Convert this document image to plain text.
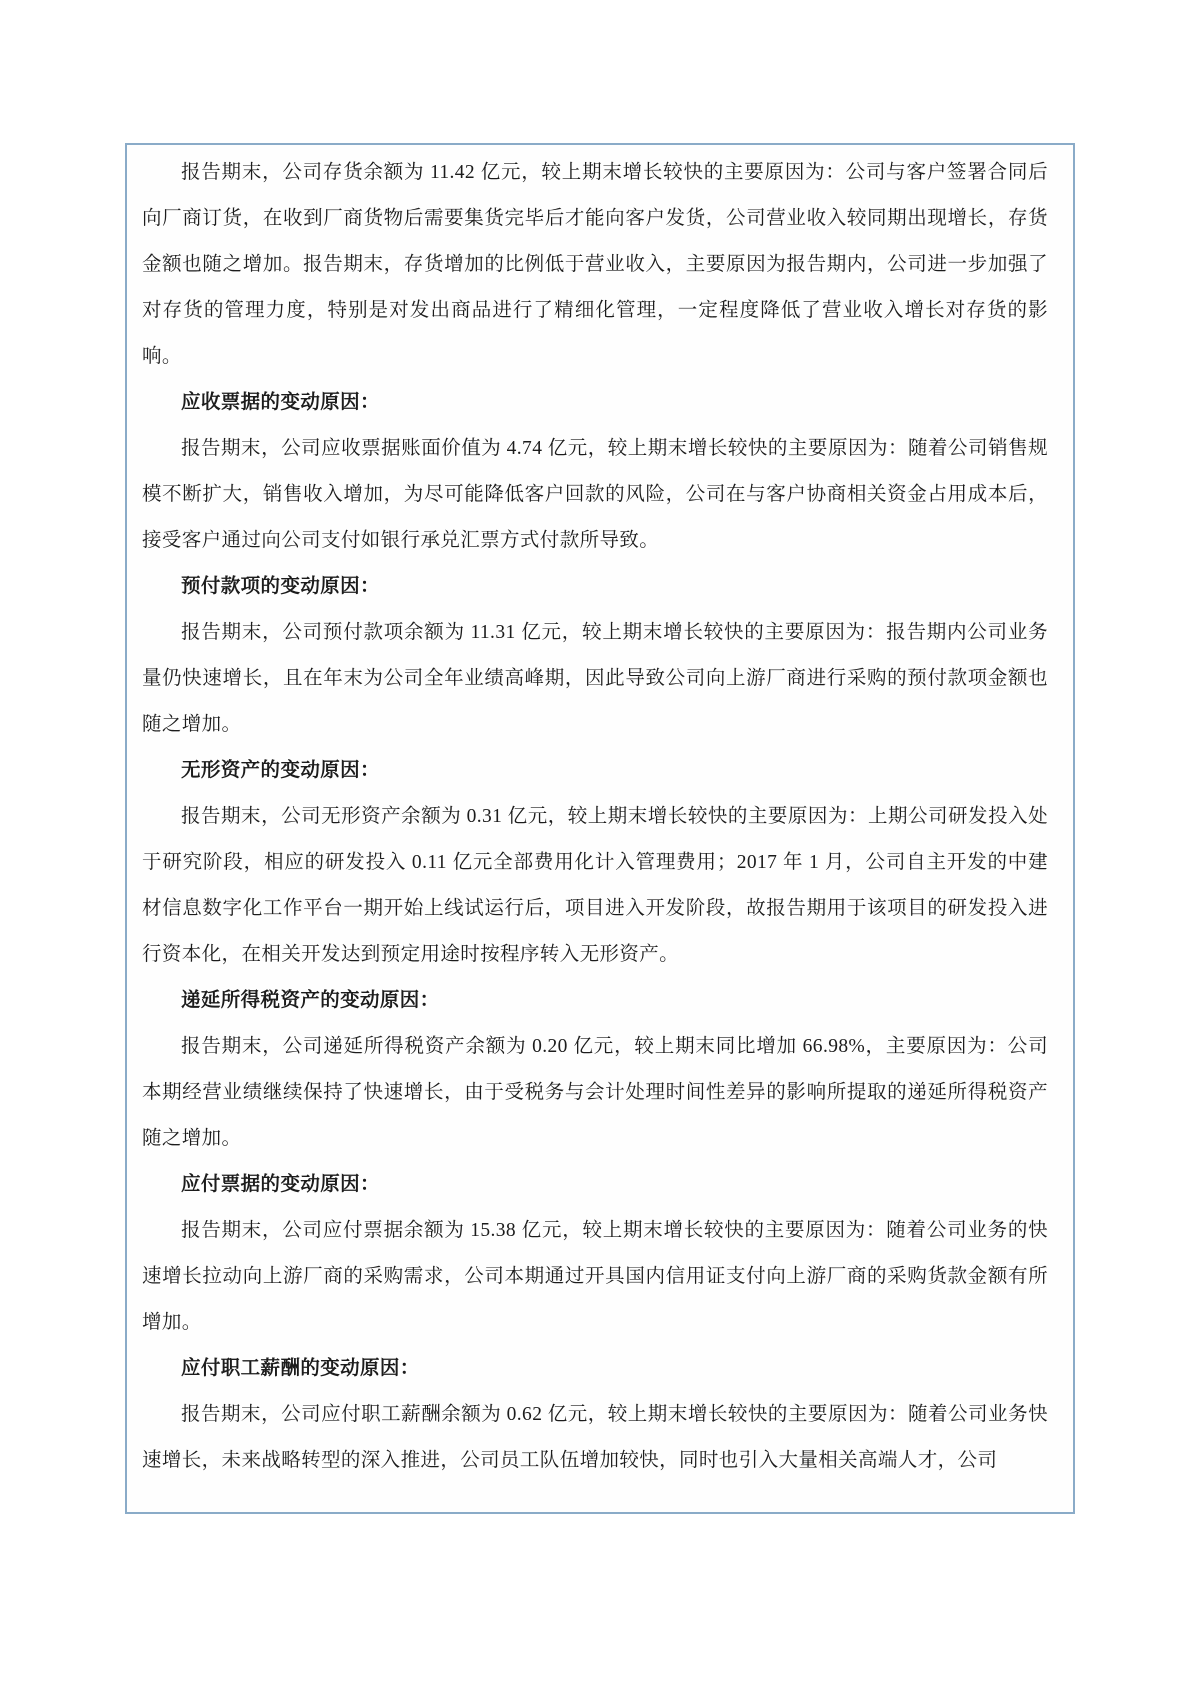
报告期末，公司存货余额为 11.42 亿元，较上期末增长较快的主要原因为：公司与客户签署合同后向厂商订货，在收到厂商货物后需要集货完毕后才能向客户发货，公司营业收入较同期出现增长，存货金额也随之增加。报告期末，存货增加的比例低于营业收入，主要原因为报告期内，公司进一步加强了对存货的管理力度，特别是对发出商品进行了精细化管理，一定程度降低了营业收入增长对存货的影响。

应收票据的变动原因：

报告期末，公司应收票据账面价值为 4.74 亿元，较上期末增长较快的主要原因为：随着公司销售规模不断扩大，销售收入增加，为尽可能降低客户回款的风险，公司在与客户协商相关资金占用成本后，接受客户通过向公司支付如银行承兑汇票方式付款所导致。

预付款项的变动原因：

报告期末，公司预付款项余额为 11.31 亿元，较上期末增长较快的主要原因为：报告期内公司业务量仍快速增长，且在年末为公司全年业绩高峰期，因此导致公司向上游厂商进行采购的预付款项金额也随之增加。

无形资产的变动原因：

报告期末，公司无形资产余额为 0.31 亿元，较上期末增长较快的主要原因为：上期公司研发投入处于研究阶段，相应的研发投入 0.11 亿元全部费用化计入管理费用；2017 年 1 月，公司自主开发的中建材信息数字化工作平台一期开始上线试运行后，项目进入开发阶段，故报告期用于该项目的研发投入进行资本化，在相关开发达到预定用途时按程序转入无形资产。

递延所得税资产的变动原因：

报告期末，公司递延所得税资产余额为 0.20 亿元，较上期末同比增加 66.98%，主要原因为：公司本期经营业绩继续保持了快速增长，由于受税务与会计处理时间性差异的影响所提取的递延所得税资产随之增加。

应付票据的变动原因：

报告期末，公司应付票据余额为 15.38 亿元，较上期末增长较快的主要原因为：随着公司业务的快速增长拉动向上游厂商的采购需求，公司本期通过开具国内信用证支付向上游厂商的采购货款金额有所增加。

应付职工薪酬的变动原因：

报告期末，公司应付职工薪酬余额为 0.62 亿元，较上期末增长较快的主要原因为：随着公司业务快速增长，未来战略转型的深入推进，公司员工队伍增加较快，同时也引入大量相关高端人才，公司
